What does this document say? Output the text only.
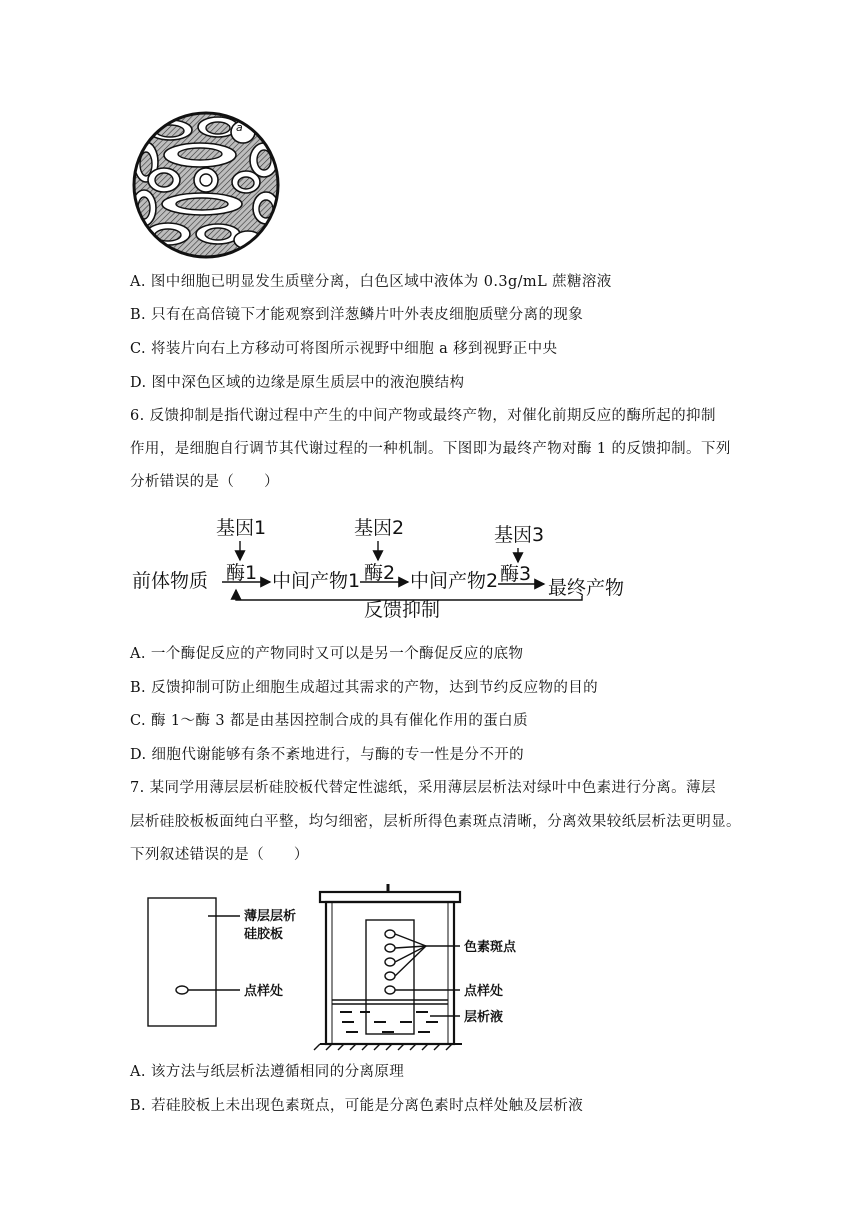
a
A. 图中细胞已明显发生质壁分离，白色区域中液体为 0.3g/mL 蔗糖溶液
B. 只有在高倍镜下才能观察到洋葱鳞片叶外表皮细胞质壁分离的现象
C. 将装片向右上方移动可将图所示视野中细胞 a 移到视野正中央
D. 图中深色区域的边缘是原生质层中的液泡膜结构
6. 反馈抑制是指代谢过程中产生的中间产物或最终产物，对催化前期反应的酶所起的抑制
作用，是细胞自行调节其代谢过程的一种机制。下图即为最终产物对酶 1 的反馈抑制。下列
分析错误的是（　　）
基因1	基因2	基因3
前体物质 酶1 中间产物1 酶2 中间产物2 酶3
最终产物
反馈抑制
A. 一个酶促反应的产物同时又可以是另一个酶促反应的底物
B. 反馈抑制可防止细胞生成超过其需求的产物，达到节约反应物的目的
C. 酶 1～酶 3 都是由基因控制合成的具有催化作用的蛋白质
D. 细胞代谢能够有条不紊地进行，与酶的专一性是分不开的
7. 某同学用薄层层析硅胶板代替定性滤纸，采用薄层层析法对绿叶中色素进行分离。薄层
层析硅胶板板面纯白平整，均匀细密，层析所得色素斑点清晰，分离效果较纸层析法更明显。
下列叙述错误的是（　　）
薄层层析
硅胶板
点样处
色素斑点
点样处
层析液
A. 该方法与纸层析法遵循相同的分离原理
B. 若硅胶板上未出现色素斑点，可能是分离色素时点样处触及层析液
